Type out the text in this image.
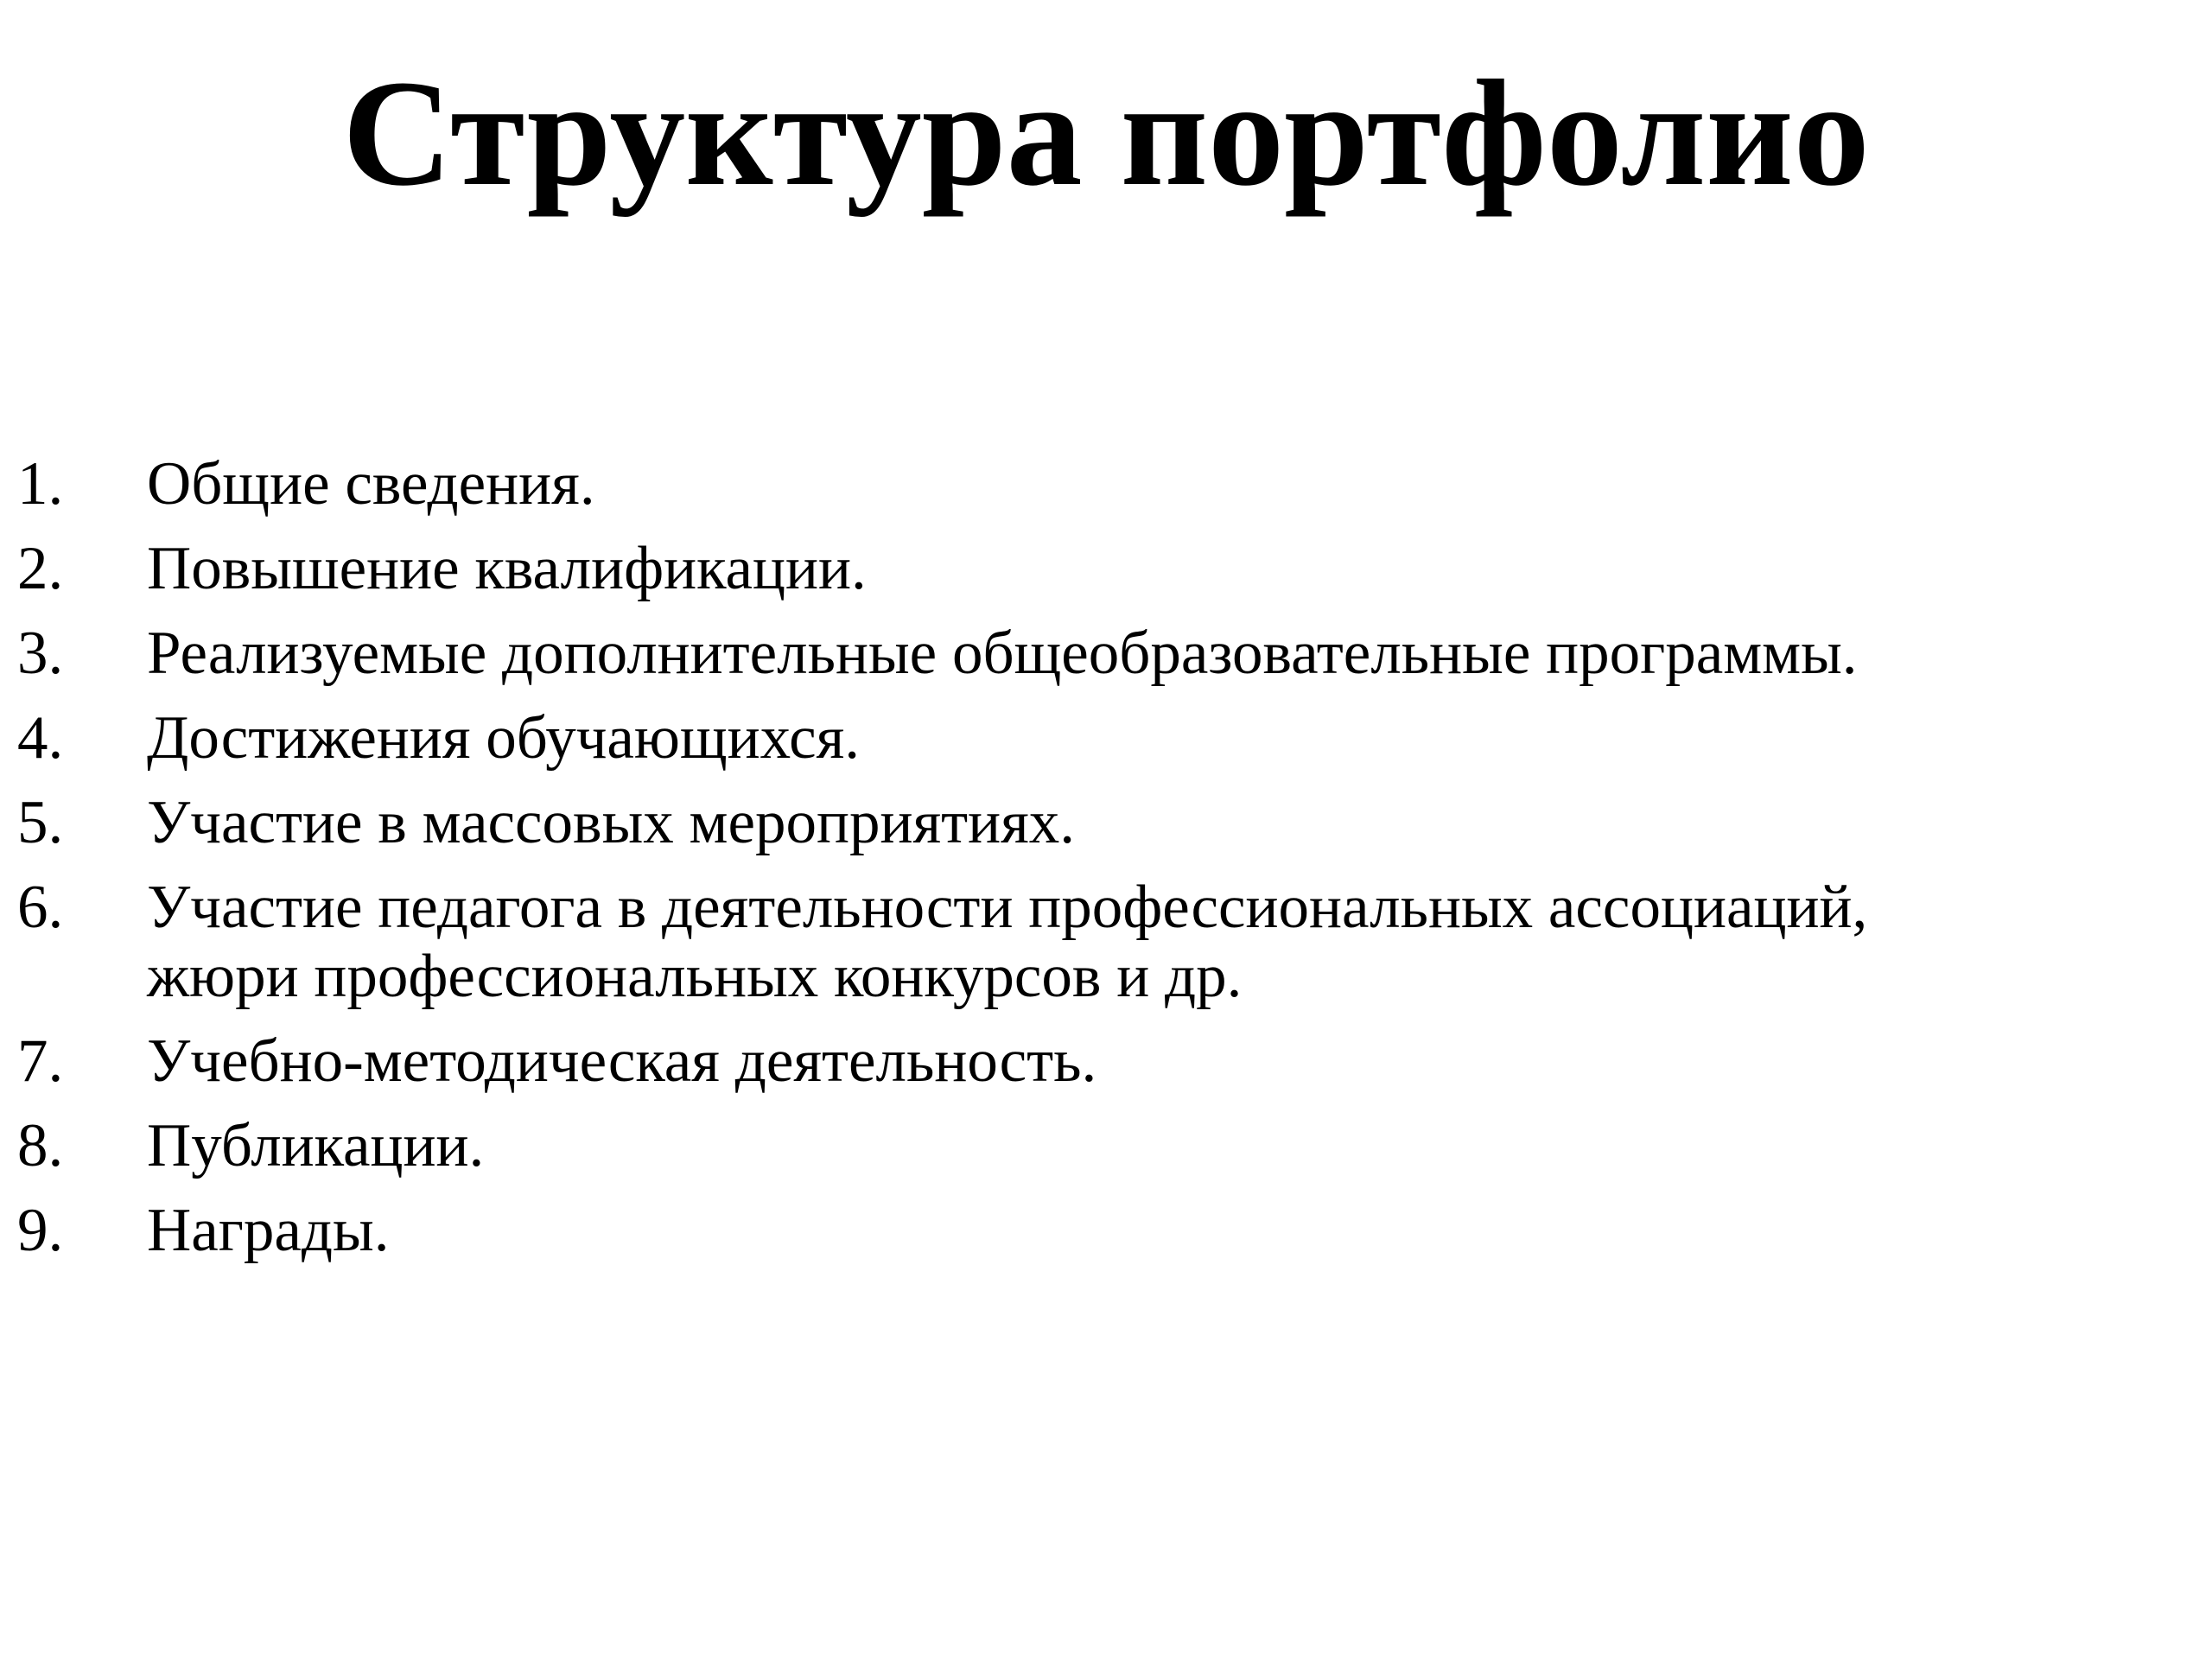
Структура портфолио
1.	Общие сведения.
2.	Повышение квалификации.
3.	Реализуемые дополнительные общеобразовательные программы.
4.	Достижения обучающихся.
5.	Участие в массовых мероприятиях.
6.	Участие педагога в деятельности профессиональных ассоциаций,
жюри профессиональных конкурсов и др.
7.	Учебно-методическая деятельность.
8.	Публикации.
9.	Награды.
